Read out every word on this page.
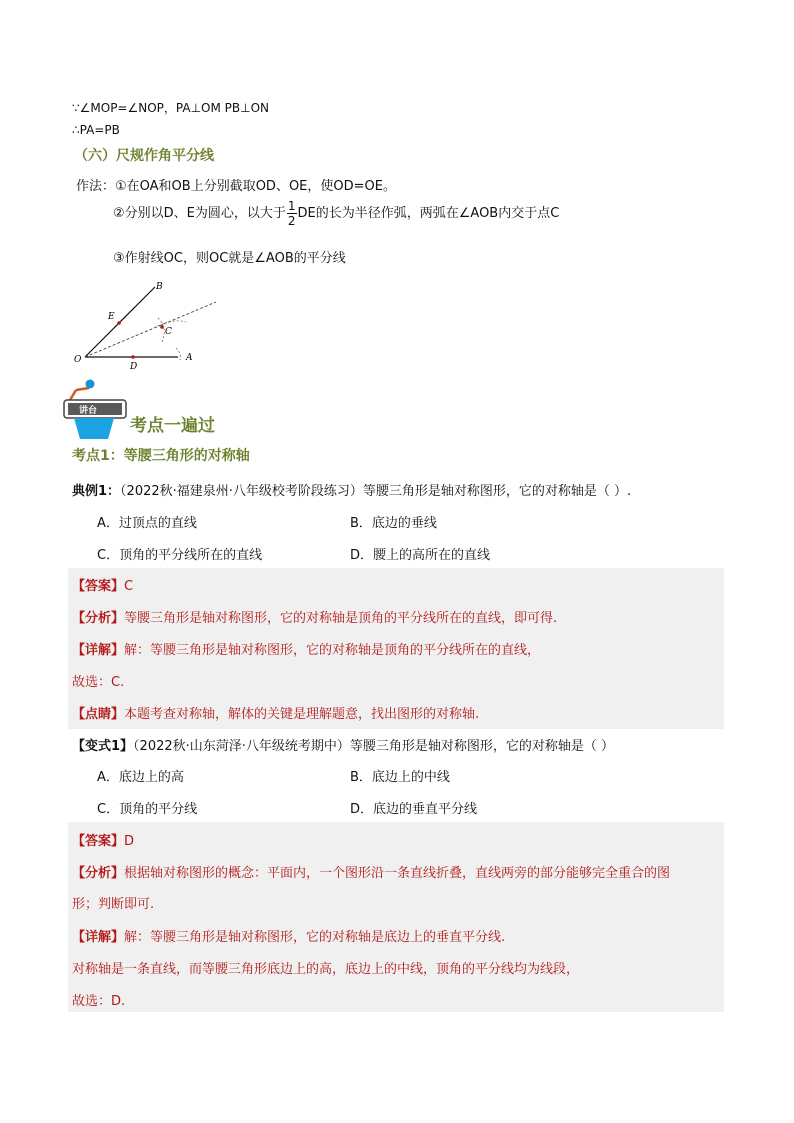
∵∠MOP=∠NOP，PA⊥OM PB⊥ON
∴PA=PB
（六）尺规作角平分线
作法：①在OA和OB上分别截取OD、OE，使OD=OE。
②分别以D、E为圆心，以大于 $\frac{1}{2}$ DE的长为半径作弧，两弧在∠AOB内交于点C
③作射线OC，则OC就是∠AOB的平分线
B
E
C
O
D
A
讲台
考点一遍过
考点1：等腰三角形的对称轴
典例1：（2022秋·福建泉州·八年级校考阶段练习）等腰三角形是轴对称图形，它的对称轴是（ ）.
A．过顶点的直线	B．底边的垂线
C．顶角的平分线所在的直线	D．腰上的高所在的直线
【答案】C
【分析】等腰三角形是轴对称图形，它的对称轴是顶角的平分线所在的直线，即可得.
【详解】解：等腰三角形是轴对称图形，它的对称轴是顶角的平分线所在的直线，
故选：C.
【点睛】本题考查对称轴，解体的关键是理解题意，找出图形的对称轴.
【变式1】（2022秋·山东菏泽·八年级统考期中）等腰三角形是轴对称图形，它的对称轴是（ ）
A．底边上的高	B．底边上的中线
C．顶角的平分线	D．底边的垂直平分线
【答案】D
【分析】根据轴对称图形的概念：平面内，一个图形沿一条直线折叠，直线两旁的部分能够完全重合的图
形；判断即可.
【详解】解：等腰三角形是轴对称图形，它的对称轴是底边上的垂直平分线.
对称轴是一条直线，而等腰三角形底边上的高，底边上的中线，顶角的平分线均为线段，
故选：D.
